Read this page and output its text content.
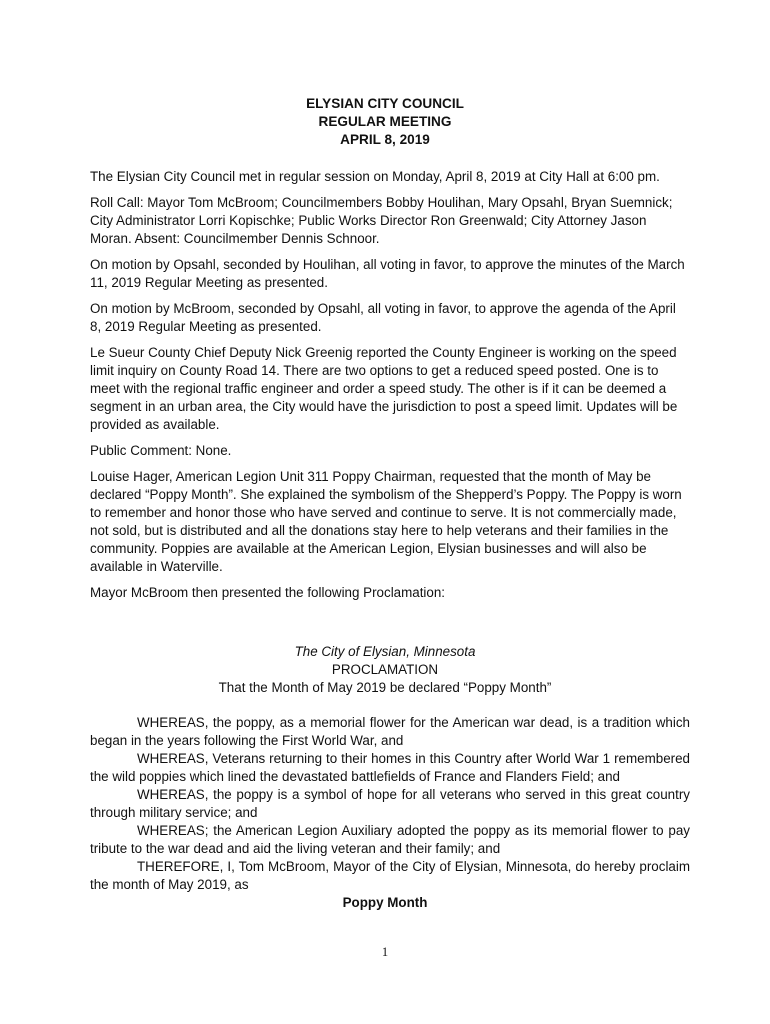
ELYSIAN CITY COUNCIL
REGULAR MEETING
APRIL 8, 2019

The Elysian City Council met in regular session on Monday, April 8, 2019 at City Hall at 6:00 pm.

Roll Call: Mayor Tom McBroom; Councilmembers Bobby Houlihan, Mary Opsahl, Bryan Suemnick; City Administrator Lorri Kopischke; Public Works Director Ron Greenwald; City Attorney Jason Moran. Absent: Councilmember Dennis Schnoor.

On motion by Opsahl, seconded by Houlihan, all voting in favor, to approve the minutes of the March 11, 2019 Regular Meeting as presented.

On motion by McBroom, seconded by Opsahl, all voting in favor, to approve the agenda of the April 8, 2019 Regular Meeting as presented.

Le Sueur County Chief Deputy Nick Greenig reported the County Engineer is working on the speed limit inquiry on County Road 14. There are two options to get a reduced speed posted. One is to meet with the regional traffic engineer and order a speed study. The other is if it can be deemed a segment in an urban area, the City would have the jurisdiction to post a speed limit. Updates will be provided as available.

Public Comment: None.

Louise Hager, American Legion Unit 311 Poppy Chairman, requested that the month of May be declared “Poppy Month”. She explained the symbolism of the Shepperd’s Poppy. The Poppy is worn to remember and honor those who have served and continue to serve. It is not commercially made, not sold, but is distributed and all the donations stay here to help veterans and their families in the community. Poppies are available at the American Legion, Elysian businesses and will also be available in Waterville.

Mayor McBroom then presented the following Proclamation:

The City of Elysian, Minnesota
PROCLAMATION
That the Month of May 2019 be declared “Poppy Month”

WHEREAS, the poppy, as a memorial flower for the American war dead, is a tradition which began in the years following the First World War, and

WHEREAS, Veterans returning to their homes in this Country after World War 1 remembered the wild poppies which lined the devastated battlefields of France and Flanders Field; and

WHEREAS, the poppy is a symbol of hope for all veterans who served in this great country through military service; and

WHEREAS; the American Legion Auxiliary adopted the poppy as its memorial flower to pay tribute to the war dead and aid the living veteran and their family; and

THEREFORE, I, Tom McBroom, Mayor of the City of Elysian, Minnesota, do hereby proclaim the month of May 2019, as

Poppy Month
1
